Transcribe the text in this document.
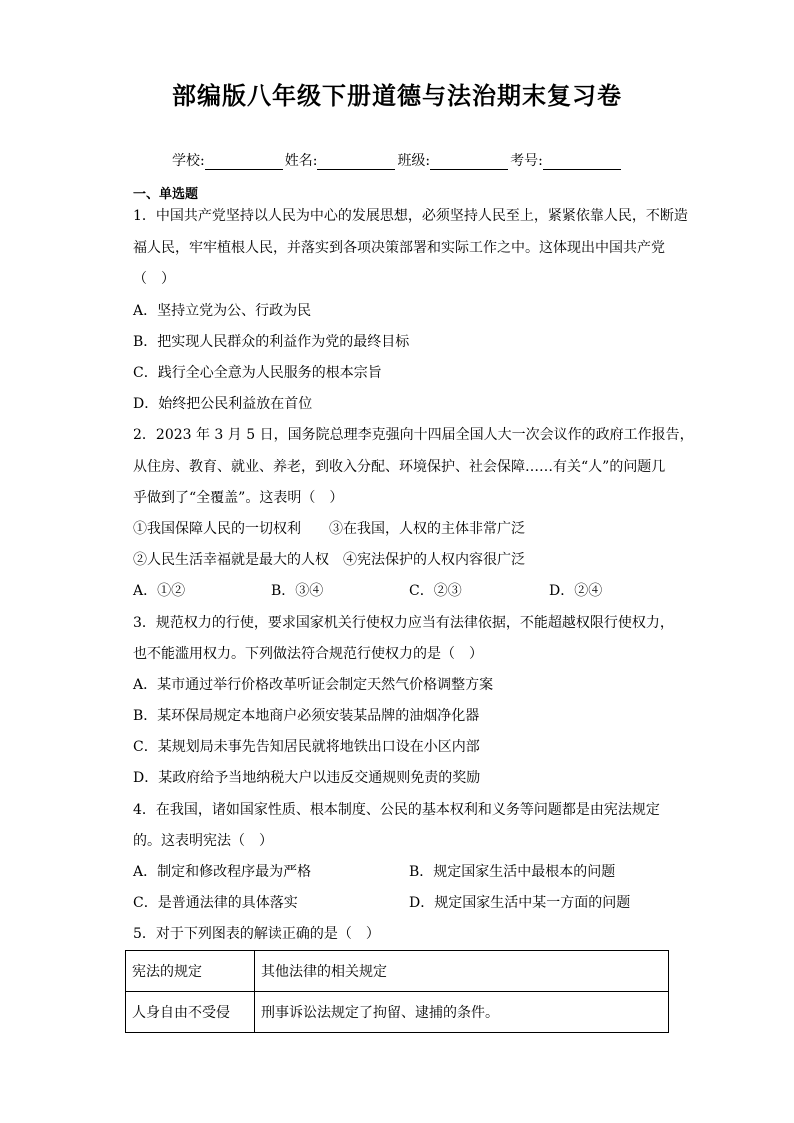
部编版八年级下册道德与法治期末复习卷
学校:	姓名:	班级:	考号:
一、单选题
1．中国共产党坚持以人民为中心的发展思想，必须坚持人民至上，紧紧依靠人民，不断造
福人民，牢牢植根人民，并落实到各项决策部署和实际工作之中。这体现出中国共产党
（　）
A．坚持立党为公、行政为民
B．把实现人民群众的利益作为党的最终目标
C．践行全心全意为人民服务的根本宗旨
D．始终把公民利益放在首位
2．2023 年 3 月 5 日，国务院总理李克强向十四届全国人大一次会议作的政府工作报告，
从住房、教育、就业、养老，到收入分配、环境保护、社会保障……有关“人”的问题几
乎做到了“全覆盖”。这表明（　）
①我国保障人民的一切权利　　③在我国，人权的主体非常广泛
②人民生活幸福就是最大的人权　④宪法保护的人权内容很广泛
A．①②	B．③④	C．②③	D．②④
3．规范权力的行使，要求国家机关行使权力应当有法律依据，不能超越权限行使权力，
也不能滥用权力。下列做法符合规范行使权力的是（　）
A．某市通过举行价格改革听证会制定天然气价格调整方案
B．某环保局规定本地商户必须安装某品牌的油烟净化器
C．某规划局未事先告知居民就将地铁出口设在小区内部
D．某政府给予当地纳税大户以违反交通规则免责的奖励
4．在我国，诸如国家性质、根本制度、公民的基本权利和义务等问题都是由宪法规定
的。这表明宪法（　）
A．制定和修改程序最为严格	B．规定国家生活中最根本的问题
C．是普通法律的具体落实	D．规定国家生活中某一方面的问题
5．对于下列图表的解读正确的是（　）
宪法的规定	其他法律的相关规定
人身自由不受侵	刑事诉讼法规定了拘留、逮捕的条件。
